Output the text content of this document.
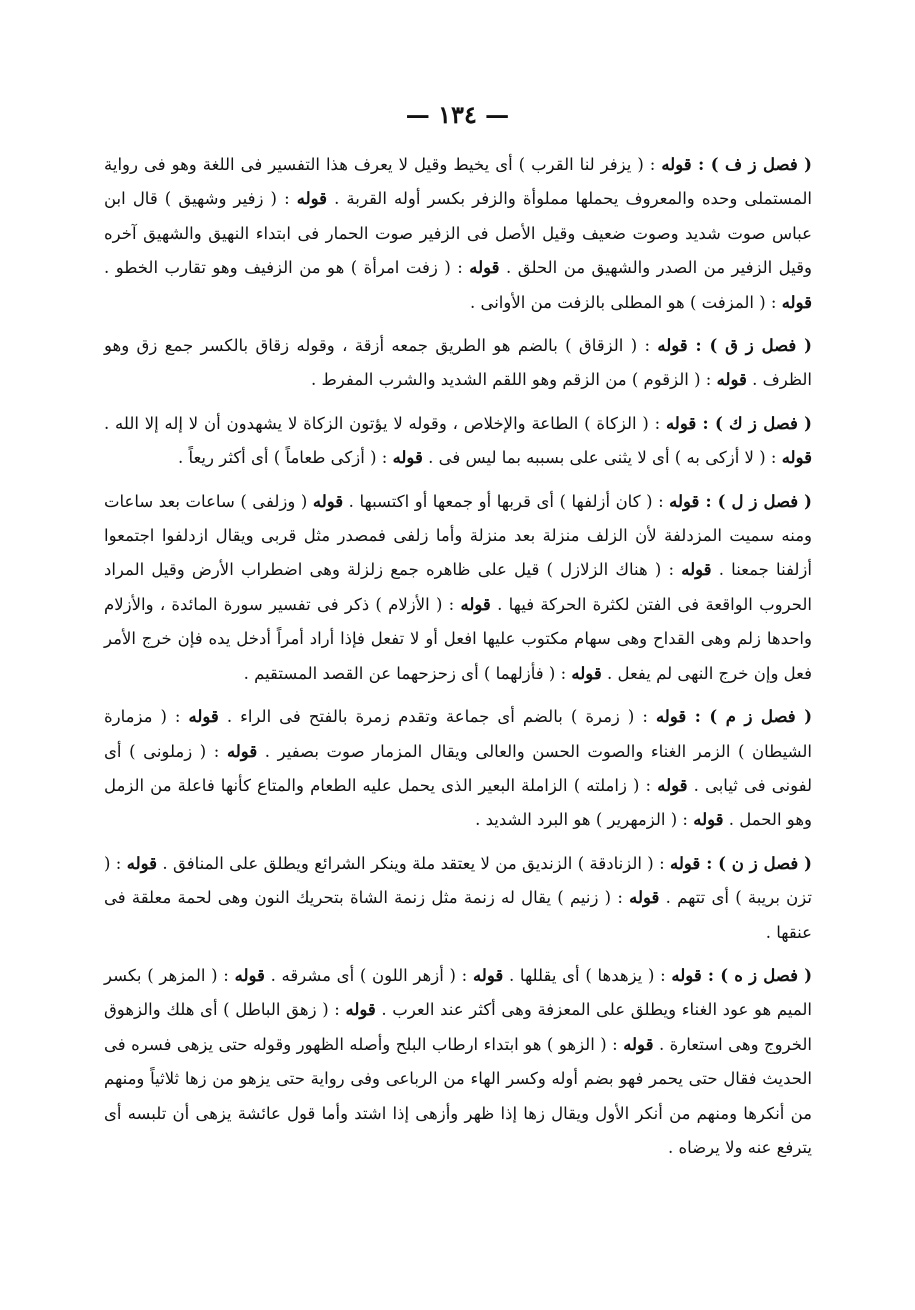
— ١٣٤ —

( فصل ز ف ) : قوله : ( يزفر لنا القرب ) أى يخيط وقيل لا يعرف هذا التفسير فى اللغة وهو فى رواية المستملى وحده والمعروف يحملها مملوأة والزفر بكسر أوله القربة . قوله : ( زفير وشهيق ) قال ابن عباس صوت شديد وصوت ضعيف وقيل الأصل فى الزفير صوت الحمار فى ابتداء النهيق والشهيق آخره وقيل الزفير من الصدر والشهيق من الحلق . قوله : ( زفت امرأة ) هو من الزفيف وهو تقارب الخطو . قوله : ( المزفت ) هو المطلى بالزفت من الأوانى .

( فصل ز ق ) : قوله : ( الزقاق ) بالضم هو الطريق جمعه أزقة ، وقوله زقاق بالكسر جمع زق وهو الظرف . قوله : ( الزقوم ) من الزقم وهو اللقم الشديد والشرب المفرط .

( فصل ز ك ) : قوله : ( الزكاة ) الطاعة والإخلاص ، وقوله لا يؤتون الزكاة لا يشهدون أن لا إله إلا الله . قوله : ( لا أزكى به ) أى لا يثنى على بسببه بما ليس فى . قوله : ( أزكى طعاماً ) أى أكثر ريعاً .

( فصل ز ل ) : قوله : ( كان أزلفها ) أى قربها أو جمعها أو اكتسبها . قوله ( وزلفى ) ساعات بعد ساعات ومنه سميت المزدلفة لأن الزلف منزلة بعد منزلة وأما زلفى فمصدر مثل قربى ويقال ازدلفوا اجتمعوا أزلفنا جمعنا . قوله : ( هناك الزلازل ) قيل على ظاهره جمع زلزلة وهى اضطراب الأرض وقيل المراد الحروب الواقعة فى الفتن لكثرة الحركة فيها . قوله : ( الأزلام ) ذكر فى تفسير سورة المائدة ، والأزلام واحدها زلم وهى القداح وهى سهام مكتوب عليها افعل أو لا تفعل فإذا أراد أمراً أدخل يده فإن خرج الأمر فعل وإن خرج النهى لم يفعل . قوله : ( فأزلهما ) أى زحزحهما عن القصد المستقيم .

( فصل ز م ) : قوله : ( زمرة ) بالضم أى جماعة وتقدم زمرة بالفتح فى الراء . قوله : ( مزمارة الشيطان ) الزمر الغناء والصوت الحسن والعالى ويقال المزمار صوت بصفير . قوله : ( زملونى ) أى لفونى فى ثيابى . قوله : ( زاملته ) الزاملة البعير الذى يحمل عليه الطعام والمتاع كأنها فاعلة من الزمل وهو الحمل . قوله : ( الزمهرير ) هو البرد الشديد .

( فصل ز ن ) : قوله : ( الزنادقة ) الزنديق من لا يعتقد ملة وينكر الشرائع ويطلق على المنافق . قوله : ( تزن بريبة ) أى تتهم . قوله : ( زنيم ) يقال له زنمة مثل زنمة الشاة بتحريك النون وهى لحمة معلقة فى عنقها .

( فصل ز ه ) : قوله : ( يزهدها ) أى يقللها . قوله : ( أزهر اللون ) أى مشرقه . قوله : ( المزهر ) بكسر الميم هو عود الغناء ويطلق على المعزفة وهى أكثر عند العرب . قوله : ( زهق الباطل ) أى هلك والزهوق الخروج وهى استعارة . قوله : ( الزهو ) هو ابتداء ارطاب البلح وأصله الظهور وقوله حتى يزهى فسره فى الحديث فقال حتى يحمر فهو بضم أوله وكسر الهاء من الرباعى وفى رواية حتى يزهو من زها ثلاثياً ومنهم من أنكرها ومنهم من أنكر الأول ويقال زها إذا ظهر وأزهى إذا اشتد وأما قول عائشة يزهى أن تلبسه أى يترفع عنه ولا يرضاه .
